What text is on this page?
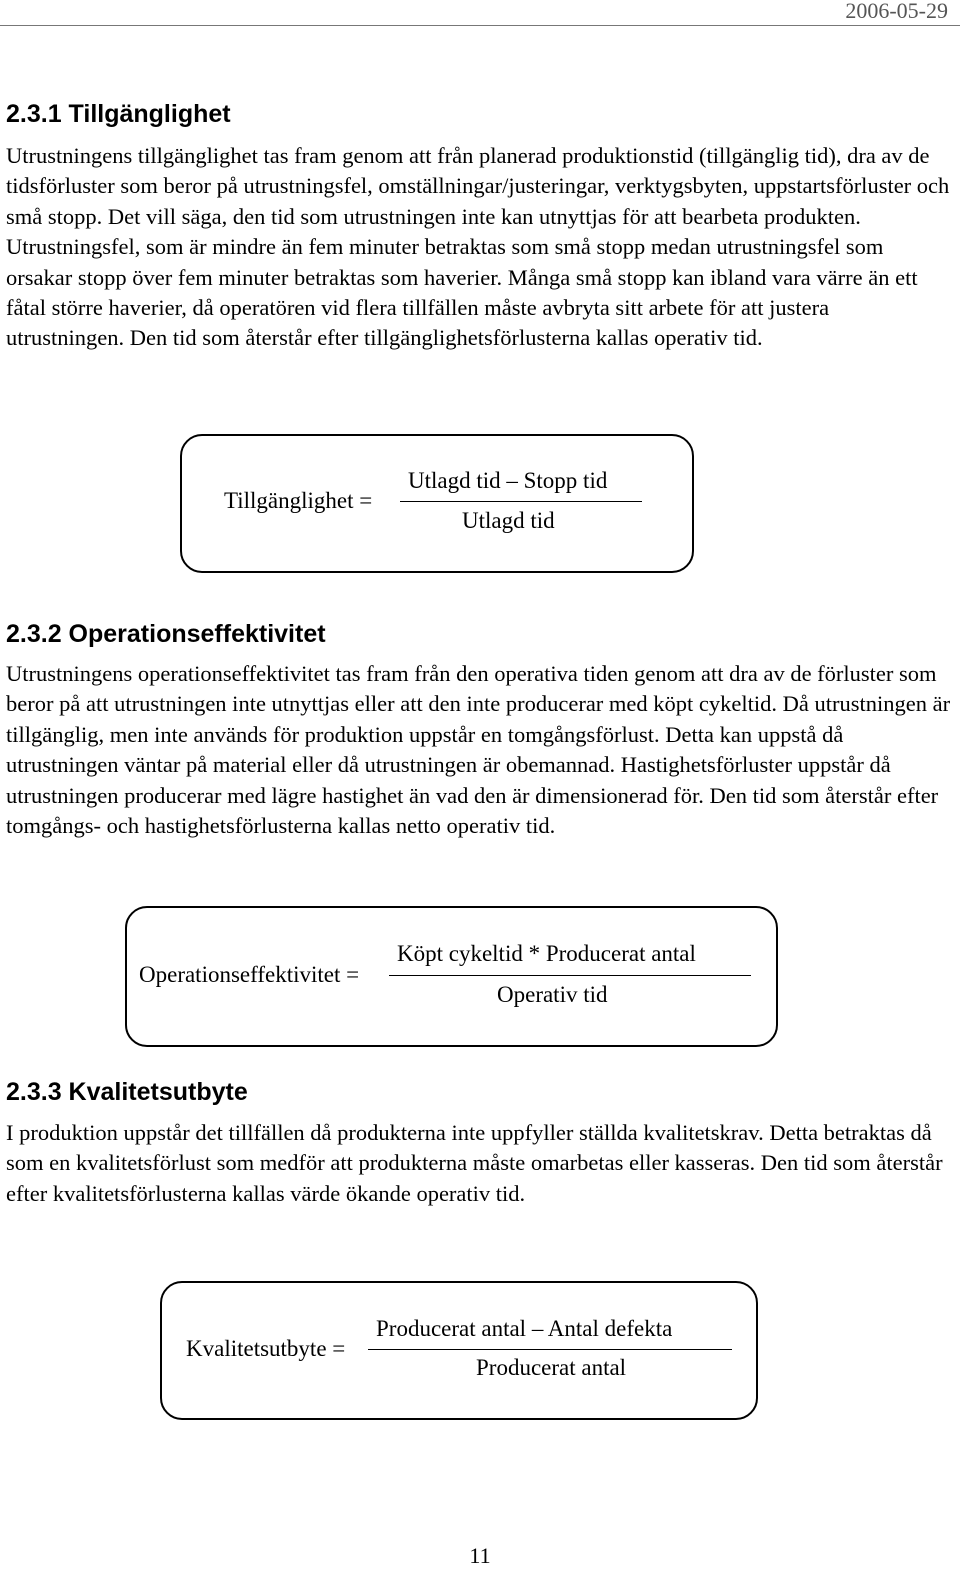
2006-05-29
2.3.1 Tillgänglighet

Utrustningens tillgänglighet tas fram genom att från planerad produktionstid (tillgänglig tid), dra av de tidsförluster som beror på utrustningsfel, omställningar/justeringar, verktygsbyten, uppstartsförluster och små stopp. Det vill säga, den tid som utrustningen inte kan utnyttjas för att bearbeta produkten. Utrustningsfel, som är mindre än fem minuter betraktas som små stopp medan utrustningsfel som orsakar stopp över fem minuter betraktas som haverier. Många små stopp kan ibland vara värre än ett fåtal större haverier, då operatören vid flera tillfällen måste avbryta sitt arbete för att justera utrustningen. Den tid som återstår efter tillgänglighetsförlusterna kallas operativ tid.

Tillgänglighet =
Utlagd tid – Stopp tid
Utlagd tid
2.3.2 Operationseffektivitet

Utrustningens operationseffektivitet tas fram från den operativa tiden genom att dra av de förluster som beror på att utrustningen inte utnyttjas eller att den inte producerar med köpt cykeltid. Då utrustningen är tillgänglig, men inte används för produktion uppstår en tomgångsförlust. Detta kan uppstå då utrustningen väntar på material eller då utrustningen är obemannad. Hastighetsförluster uppstår då utrustningen producerar med lägre hastighet än vad den är dimensionerad för. Den tid som återstår efter tomgångs- och hastighetsförlusterna kallas netto operativ tid.

Operationseffektivitet =
Köpt cykeltid * Producerat antal
Operativ tid
2.3.3 Kvalitetsutbyte

I produktion uppstår det tillfällen då produkterna inte uppfyller ställda kvalitetskrav. Detta betraktas då som en kvalitetsförlust som medför att produkterna måste omarbetas eller kasseras. Den tid som återstår efter kvalitetsförlusterna kallas värde ökande operativ tid.

Kvalitetsutbyte =
Producerat antal – Antal defekta
Producerat antal
11
